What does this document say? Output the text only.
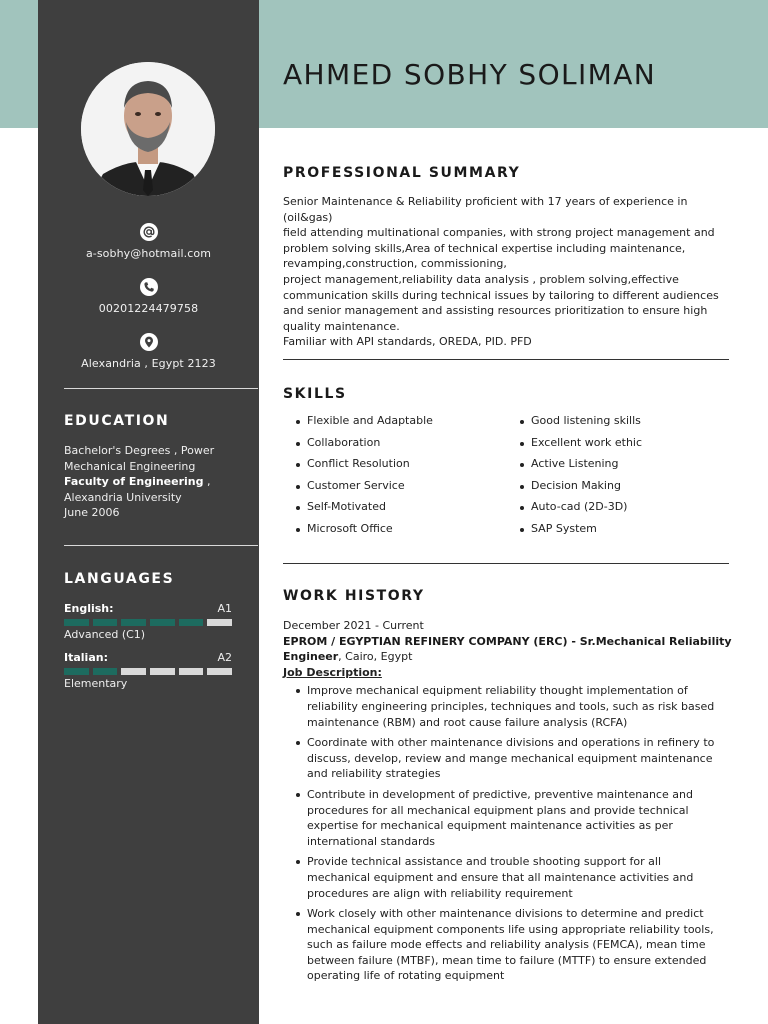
a-sobhy@hotmail.com
00201224479758
Alexandria , Egypt 2123
EDUCATION
Bachelor's Degrees , Power
Mechanical Engineering
Faculty of Engineering ,
Alexandria University
June 2006
LANGUAGES
English:	A1
Advanced (C1)
Italian:	A2
Elementary
AHMED SOBHY SOLIMAN
PROFESSIONAL SUMMARY

Senior Maintenance & Reliability proficient with 17 years of experience in (oil&gas)

field attending multinational companies, with strong project management and

problem solving skills,Area of technical expertise including maintenance,

revamping,construction, commissioning,

project management,reliability data analysis , problem solving,effective

communication skills during technical issues by tailoring to different audiences

and senior management and assisting resources prioritization to ensure high

quality maintenance.

Familiar with API standards, OREDA, PID. PFD

SKILLS
Flexible and Adaptable
Collaboration
Conflict Resolution
Customer Service
Self-Motivated
Microsoft Office
Good listening skills
Excellent work ethic
Active Listening
Decision Making
Auto-cad (2D-3D)
SAP System
WORK HISTORY
December 2021 - Current
EPROM / EGYPTIAN REFINERY COMPANY (ERC) - Sr.Mechanical Reliability
Engineer, Cairo, Egypt
Job Description:
Improve mechanical equipment reliability thought implementation of reliability engineering principles, techniques and tools, such as risk based maintenance (RBM) and root cause failure analysis (RCFA)
Coordinate with other maintenance divisions and operations in refinery to discuss, develop, review and mange mechanical equipment maintenance and reliability strategies
Contribute in development of predictive, preventive maintenance and procedures for all mechanical equipment plans and provide technical expertise for mechanical equipment maintenance activities as per international standards
Provide technical assistance and trouble shooting support for all mechanical equipment and ensure that all maintenance activities and procedures are align with reliability requirement
Work closely with other maintenance divisions to determine and predict mechanical equipment components life using appropriate reliability tools, such as failure mode effects and reliability analysis (FEMCA), mean time between failure (MTBF), mean time to failure (MTTF) to ensure extended operating life of rotating equipment
